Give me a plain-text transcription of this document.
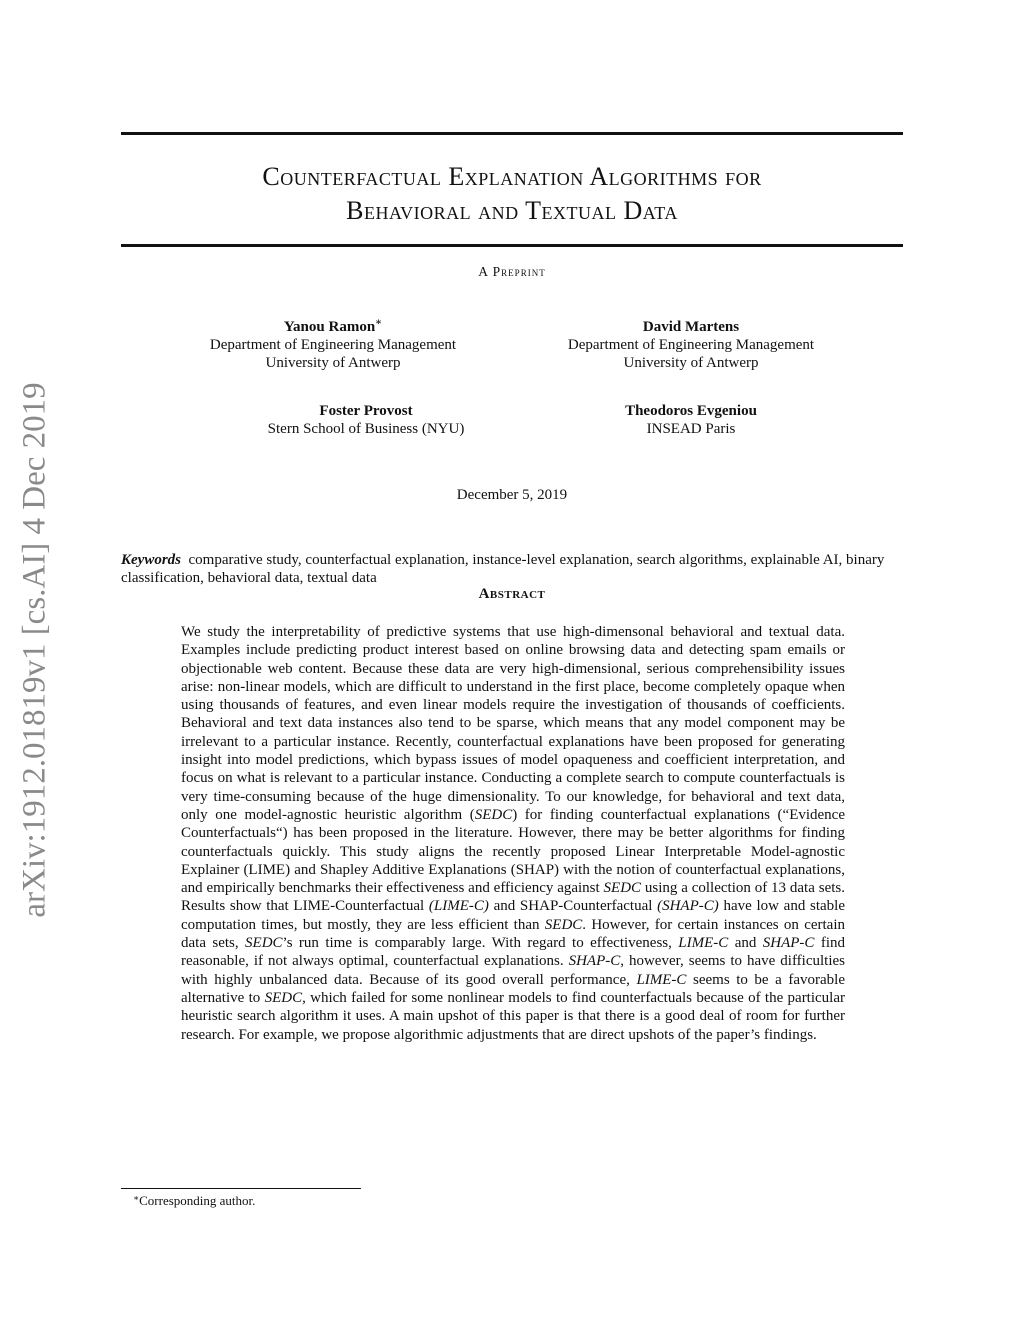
arXiv:1912.01819v1 [cs.AI] 4 Dec 2019
Counterfactual Explanation Algorithms for
Behavioral and Textual Data
A Preprint
Yanou Ramon∗
Department of Engineering Management
University of Antwerp
David Martens
Department of Engineering Management
University of Antwerp
Foster Provost
Stern School of Business (NYU)
Theodoros Evgeniou
INSEAD Paris
December 5, 2019
Keywords comparative study, counterfactual explanation, instance-level explanation, search algorithms, explainable AI, binary classification, behavioral data, textual data
Abstract
We study the interpretability of predictive systems that use high-dimensonal behavioral and textual data. Examples include predicting product interest based on online browsing data and detecting spam emails or objectionable web content. Because these data are very high-dimensional, serious comprehensibility issues arise: non-linear models, which are difficult to understand in the first place, become completely opaque when using thousands of features, and even linear models require the investigation of thousands of coefficients. Behavioral and text data instances also tend to be sparse, which means that any model component may be irrelevant to a particular instance. Recently, counterfactual explanations have been proposed for generating insight into model predictions, which bypass issues of model opaqueness and coefficient interpretation, and focus on what is relevant to a particular instance. Conducting a complete search to compute counterfactuals is very time-consuming because of the huge dimensionality. To our knowledge, for behavioral and text data, only one model-agnostic heuristic algorithm (SEDC) for finding counterfactual explanations (“Evidence Counterfactuals“) has been proposed in the literature. However, there may be better algorithms for finding counterfactuals quickly. This study aligns the recently proposed Linear Interpretable Model-agnostic Explainer (LIME) and Shapley Additive Explanations (SHAP) with the notion of counterfactual explanations, and empirically benchmarks their effectiveness and efficiency against SEDC using a collection of 13 data sets. Results show that LIME-Counterfactual (LIME-C) and SHAP-Counterfactual (SHAP-C) have low and stable computation times, but mostly, they are less efficient than SEDC. However, for certain instances on certain data sets, SEDC’s run time is comparably large. With regard to effectiveness, LIME-C and SHAP-C find reasonable, if not always optimal, counterfactual explanations. SHAP-C, however, seems to have difficulties with highly unbalanced data. Because of its good overall performance, LIME-C seems to be a favorable alternative to SEDC, which failed for some nonlinear models to find counterfactuals because of the particular heuristic search algorithm it uses. A main upshot of this paper is that there is a good deal of room for further research. For example, we propose algorithmic adjustments that are direct upshots of the paper’s findings.
∗Corresponding author.
